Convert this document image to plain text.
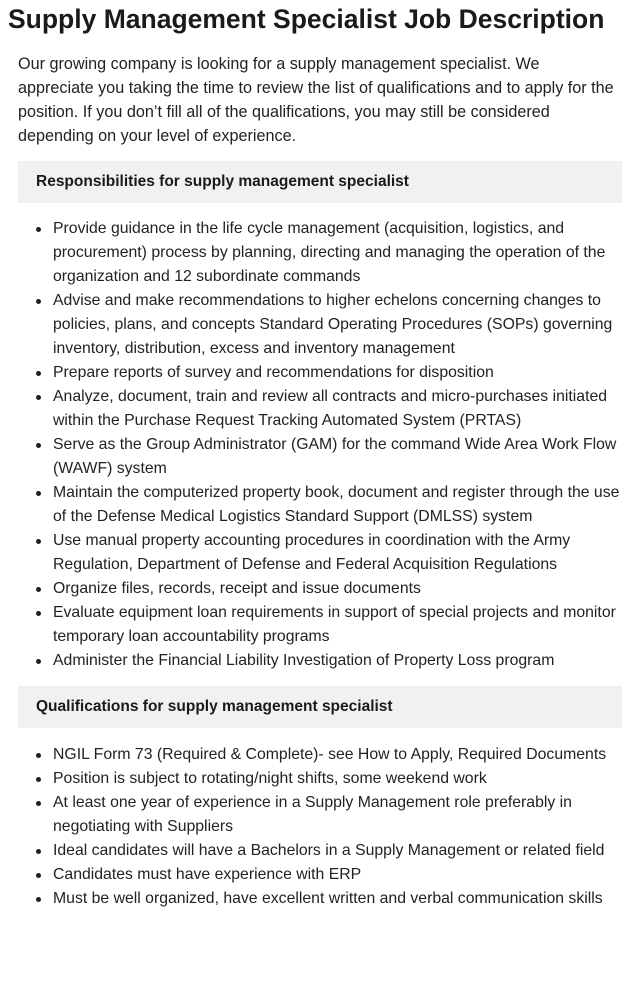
Supply Management Specialist Job Description

Our growing company is looking for a supply management specialist. We appreciate you taking the time to review the list of qualifications and to apply for the position. If you don’t fill all of the qualifications, you may still be considered depending on your level of experience.

Responsibilities for supply management specialist
Provide guidance in the life cycle management (acquisition, logistics, and procurement) process by planning, directing and managing the operation of the organization and 12 subordinate commands
Advise and make recommendations to higher echelons concerning changes to policies, plans, and concepts Standard Operating Procedures (SOPs) governing inventory, distribution, excess and inventory management
Prepare reports of survey and recommendations for disposition
Analyze, document, train and review all contracts and micro-purchases initiated within the Purchase Request Tracking Automated System (PRTAS)
Serve as the Group Administrator (GAM) for the command Wide Area Work Flow (WAWF) system
Maintain the computerized property book, document and register through the use of the Defense Medical Logistics Standard Support (DMLSS) system
Use manual property accounting procedures in coordination with the Army Regulation, Department of Defense and Federal Acquisition Regulations
Organize files, records, receipt and issue documents
Evaluate equipment loan requirements in support of special projects and monitor temporary loan accountability programs
Administer the Financial Liability Investigation of Property Loss program
Qualifications for supply management specialist
NGIL Form 73 (Required & Complete)- see How to Apply, Required Documents
Position is subject to rotating/night shifts, some weekend work
At least one year of experience in a Supply Management role preferably in negotiating with Suppliers
Ideal candidates will have a Bachelors in a Supply Management or related field
Candidates must have experience with ERP
Must be well organized, have excellent written and verbal communication skills
